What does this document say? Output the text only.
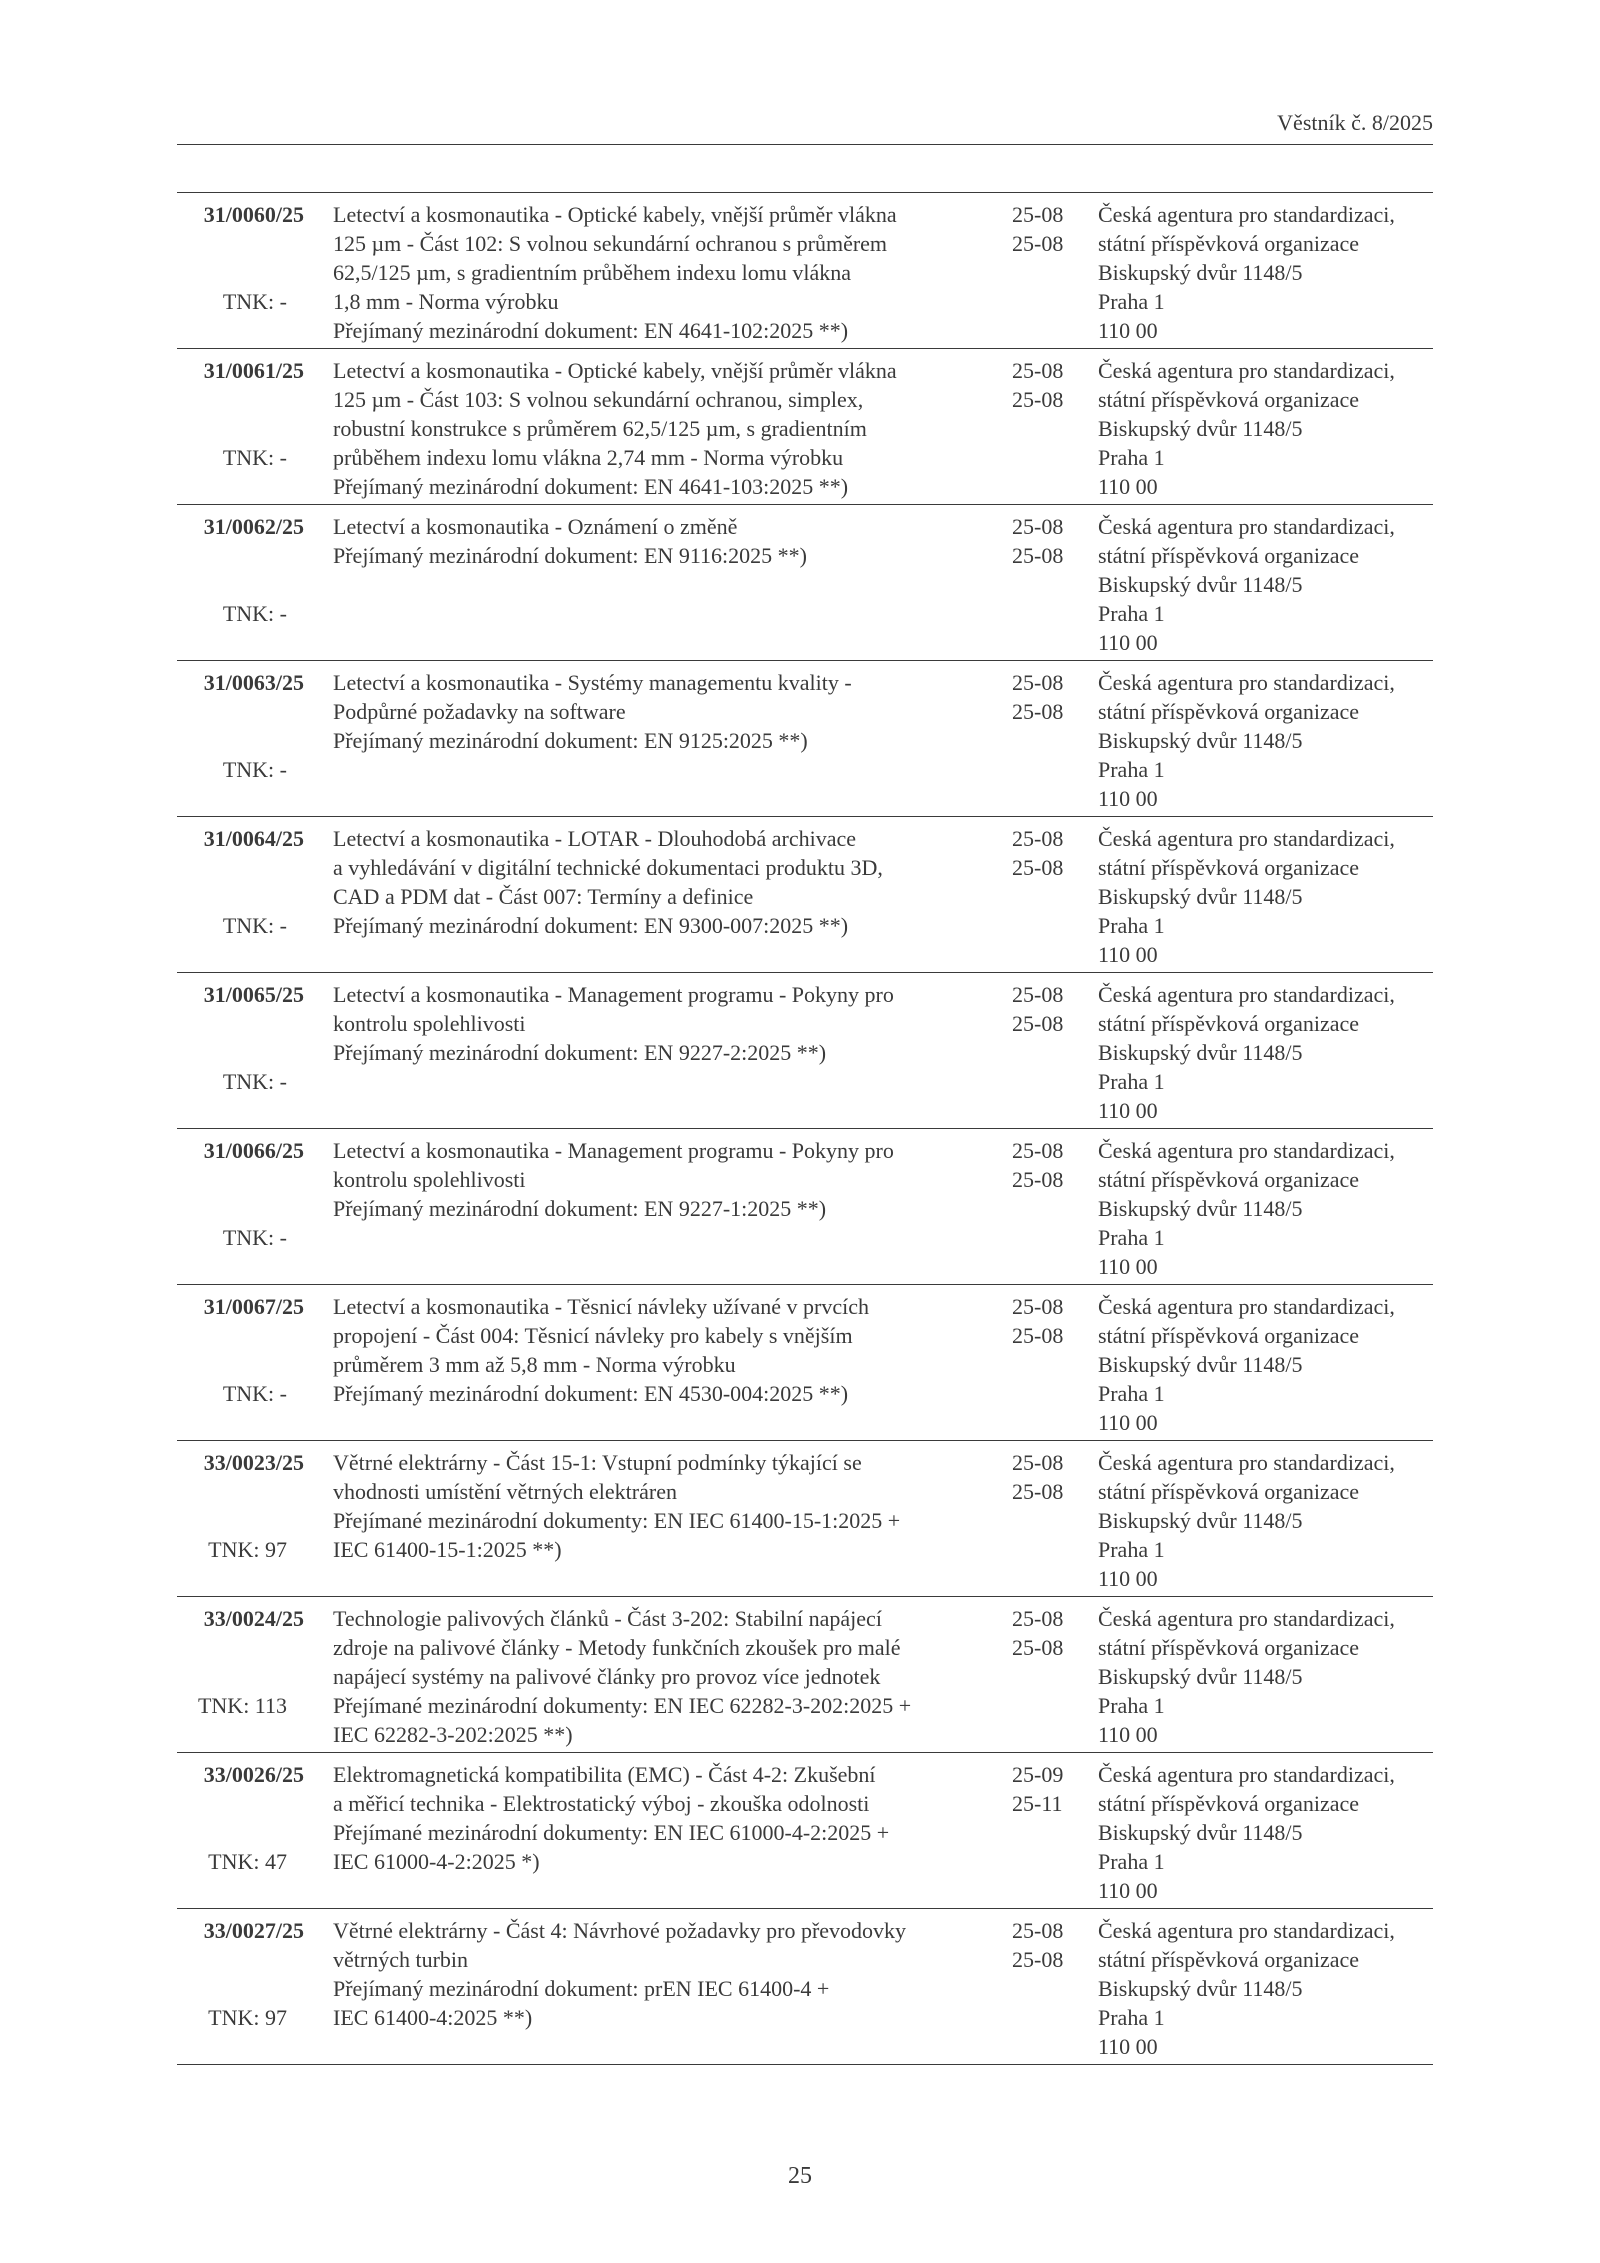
Věstník č. 8/2025
31/0060/25
TNK: -
Letectví a kosmonautika - Optické kabely, vnější průměr vlákna
125 µm - Část 102: S volnou sekundární ochranou s průměrem
62,5/125 µm, s gradientním průběhem indexu lomu vlákna
1,8 mm - Norma výrobku
Přejímaný mezinárodní dokument: EN 4641-102:2025 **)
25-08
25-08
Česká agentura pro standardizaci,
státní příspěvková organizace
Biskupský dvůr 1148/5
Praha 1
110 00
31/0061/25
TNK: -
Letectví a kosmonautika - Optické kabely, vnější průměr vlákna
125 µm - Část 103: S volnou sekundární ochranou, simplex,
robustní konstrukce s průměrem 62,5/125 µm, s gradientním
průběhem indexu lomu vlákna 2,74 mm - Norma výrobku
Přejímaný mezinárodní dokument: EN 4641-103:2025 **)
25-08
25-08
Česká agentura pro standardizaci,
státní příspěvková organizace
Biskupský dvůr 1148/5
Praha 1
110 00
31/0062/25
TNK: -
Letectví a kosmonautika - Oznámení o změně
Přejímaný mezinárodní dokument: EN 9116:2025 **)
25-08
25-08
Česká agentura pro standardizaci,
státní příspěvková organizace
Biskupský dvůr 1148/5
Praha 1
110 00
31/0063/25
TNK: -
Letectví a kosmonautika - Systémy managementu kvality -
Podpůrné požadavky na software
Přejímaný mezinárodní dokument: EN 9125:2025 **)
25-08
25-08
Česká agentura pro standardizaci,
státní příspěvková organizace
Biskupský dvůr 1148/5
Praha 1
110 00
31/0064/25
TNK: -
Letectví a kosmonautika - LOTAR - Dlouhodobá archivace
a vyhledávání v digitální technické dokumentaci produktu 3D,
CAD a PDM dat - Část 007: Termíny a definice
Přejímaný mezinárodní dokument: EN 9300-007:2025 **)
25-08
25-08
Česká agentura pro standardizaci,
státní příspěvková organizace
Biskupský dvůr 1148/5
Praha 1
110 00
31/0065/25
TNK: -
Letectví a kosmonautika - Management programu - Pokyny pro
kontrolu spolehlivosti
Přejímaný mezinárodní dokument: EN 9227-2:2025 **)
25-08
25-08
Česká agentura pro standardizaci,
státní příspěvková organizace
Biskupský dvůr 1148/5
Praha 1
110 00
31/0066/25
TNK: -
Letectví a kosmonautika - Management programu - Pokyny pro
kontrolu spolehlivosti
Přejímaný mezinárodní dokument: EN 9227-1:2025 **)
25-08
25-08
Česká agentura pro standardizaci,
státní příspěvková organizace
Biskupský dvůr 1148/5
Praha 1
110 00
31/0067/25
TNK: -
Letectví a kosmonautika - Těsnicí návleky užívané v prvcích
propojení - Část 004: Těsnicí návleky pro kabely s vnějším
průměrem 3 mm až 5,8 mm - Norma výrobku
Přejímaný mezinárodní dokument: EN 4530-004:2025 **)
25-08
25-08
Česká agentura pro standardizaci,
státní příspěvková organizace
Biskupský dvůr 1148/5
Praha 1
110 00
33/0023/25
TNK: 97
Větrné elektrárny - Část 15-1: Vstupní podmínky týkající se
vhodnosti umístění větrných elektráren
Přejímané mezinárodní dokumenty: EN IEC 61400-15-1:2025 +
IEC 61400-15-1:2025 **)
25-08
25-08
Česká agentura pro standardizaci,
státní příspěvková organizace
Biskupský dvůr 1148/5
Praha 1
110 00
33/0024/25
TNK: 113
Technologie palivových článků - Část 3-202: Stabilní napájecí
zdroje na palivové články - Metody funkčních zkoušek pro malé
napájecí systémy na palivové články pro provoz více jednotek
Přejímané mezinárodní dokumenty: EN IEC 62282-3-202:2025 +
IEC 62282-3-202:2025 **)
25-08
25-08
Česká agentura pro standardizaci,
státní příspěvková organizace
Biskupský dvůr 1148/5
Praha 1
110 00
33/0026/25
TNK: 47
Elektromagnetická kompatibilita (EMC) - Část 4-2: Zkušební
a měřicí technika - Elektrostatický výboj - zkouška odolnosti
Přejímané mezinárodní dokumenty: EN IEC 61000-4-2:2025 +
IEC 61000-4-2:2025 *)
25-09
25-11
Česká agentura pro standardizaci,
státní příspěvková organizace
Biskupský dvůr 1148/5
Praha 1
110 00
33/0027/25
TNK: 97
Větrné elektrárny - Část 4: Návrhové požadavky pro převodovky
větrných turbin
Přejímaný mezinárodní dokument: prEN IEC 61400-4 +
IEC 61400-4:2025 **)
25-08
25-08
Česká agentura pro standardizaci,
státní příspěvková organizace
Biskupský dvůr 1148/5
Praha 1
110 00
25
